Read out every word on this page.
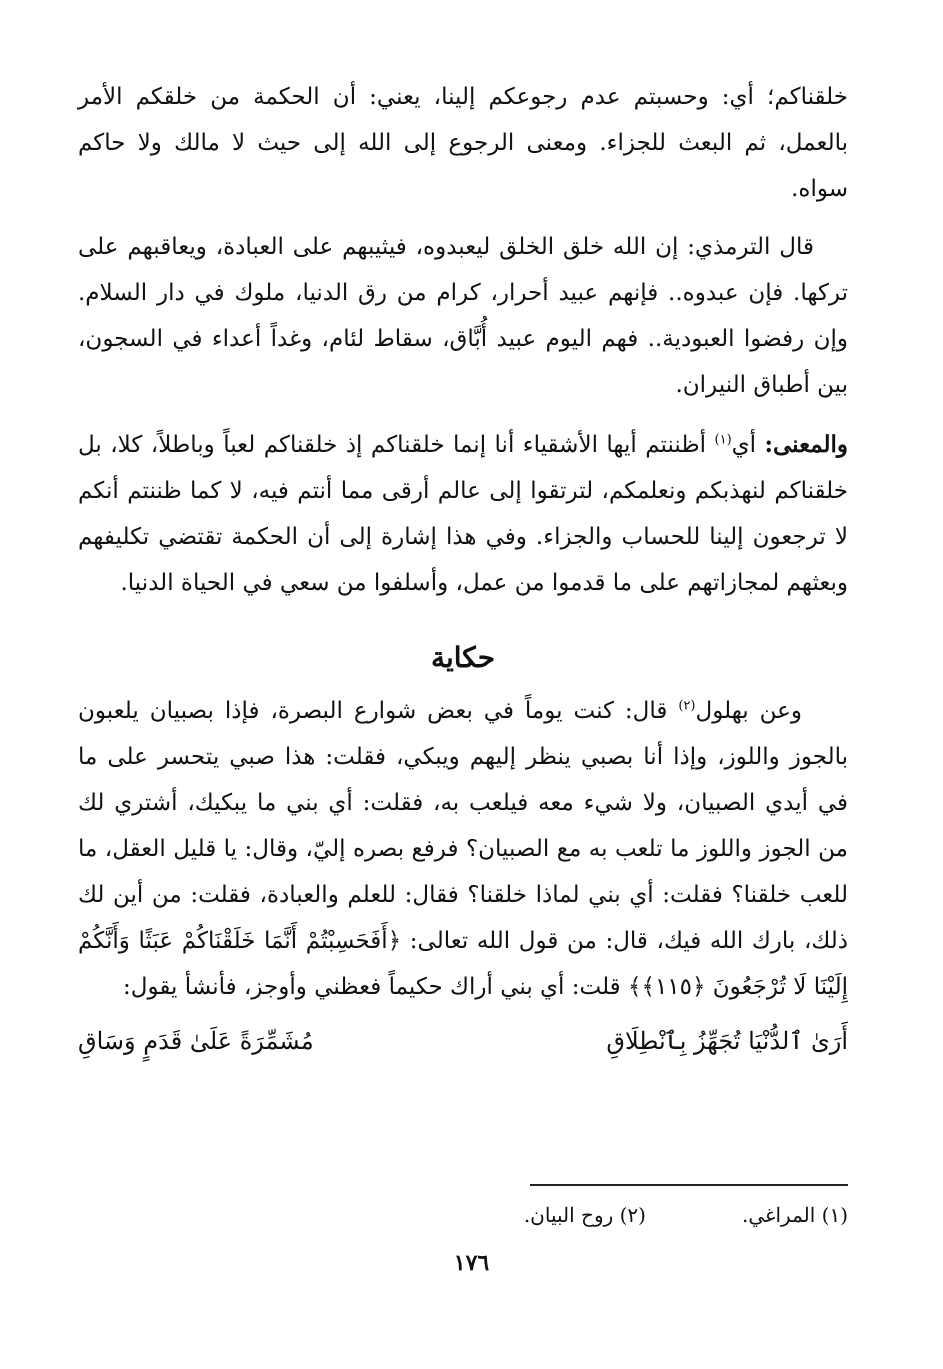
خلقناكم؛ أي: وحسبتم عدم رجوعكم إلينا، يعني: أن الحكمة من خلقكم الأمر بالعمل، ثم البعث للجزاء. ومعنى الرجوع إلى الله إلى حيث لا مالك ولا حاكم سواه.

قال الترمذي: إن الله خلق الخلق ليعبدوه، فيثيبهم على العبادة، ويعاقبهم على تركها. فإن عبدوه.. فإنهم عبيد أحرار، كرام من رق الدنيا، ملوك في دار السلام. وإن رفضوا العبودية.. فهم اليوم عبيد أُبَّاق، سقاط لئام، وغداً أعداء في السجون، بين أطباق النيران.

والمعنى: أي$^{(١)}$ أظننتم أيها الأشقياء أنا إنما خلقناكم إذ خلقناكم لعباً وباطلاً، كلا، بل خلقناكم لنهذبكم ونعلمكم، لترتقوا إلى عالم أرقى مما أنتم فيه، لا كما ظننتم أنكم لا ترجعون إلينا للحساب والجزاء. وفي هذا إشارة إلى أن الحكمة تقتضي تكليفهم وبعثهم لمجازاتهم على ما قدموا من عمل، وأسلفوا من سعي في الحياة الدنيا.

حكاية

وعن بهلول$^{(٢)}$ قال: كنت يوماً في بعض شوارع البصرة، فإذا بصبيان يلعبون بالجوز واللوز، وإذا أنا بصبي ينظر إليهم ويبكي، فقلت: هذا صبي يتحسر على ما في أيدي الصبيان، ولا شيء معه فيلعب به، فقلت: أي بني ما يبكيك، أشتري لك من الجوز واللوز ما تلعب به مع الصبيان؟ فرفع بصره إليّ، وقال: يا قليل العقل، ما للعب خلقنا؟ فقلت: أي بني لماذا خلقنا؟ فقال: للعلم والعبادة، فقلت: من أين لك ذلك، بارك الله فيك، قال: من قول الله تعالى: ﴿أَفَحَسِبْتُمْ أَنَّمَا خَلَقْنَاكُمْ عَبَثًا وَأَنَّكُمْ إِلَيْنَا لَا تُرْجَعُونَ ﴿١١٥﴾﴾ قلت: أي بني أراك حكيماً فعظني وأوجز، فأنشأ يقول:

أَرَىٰ ٱلدُّنْيَا تُجَهِّزُ بِٱنْطِلَاقِ
مُشَمِّرَةً عَلَىٰ قَدَمٍ وَسَاقِ
(١) المراغي.
(٢) روح البيان.
١٧٦
